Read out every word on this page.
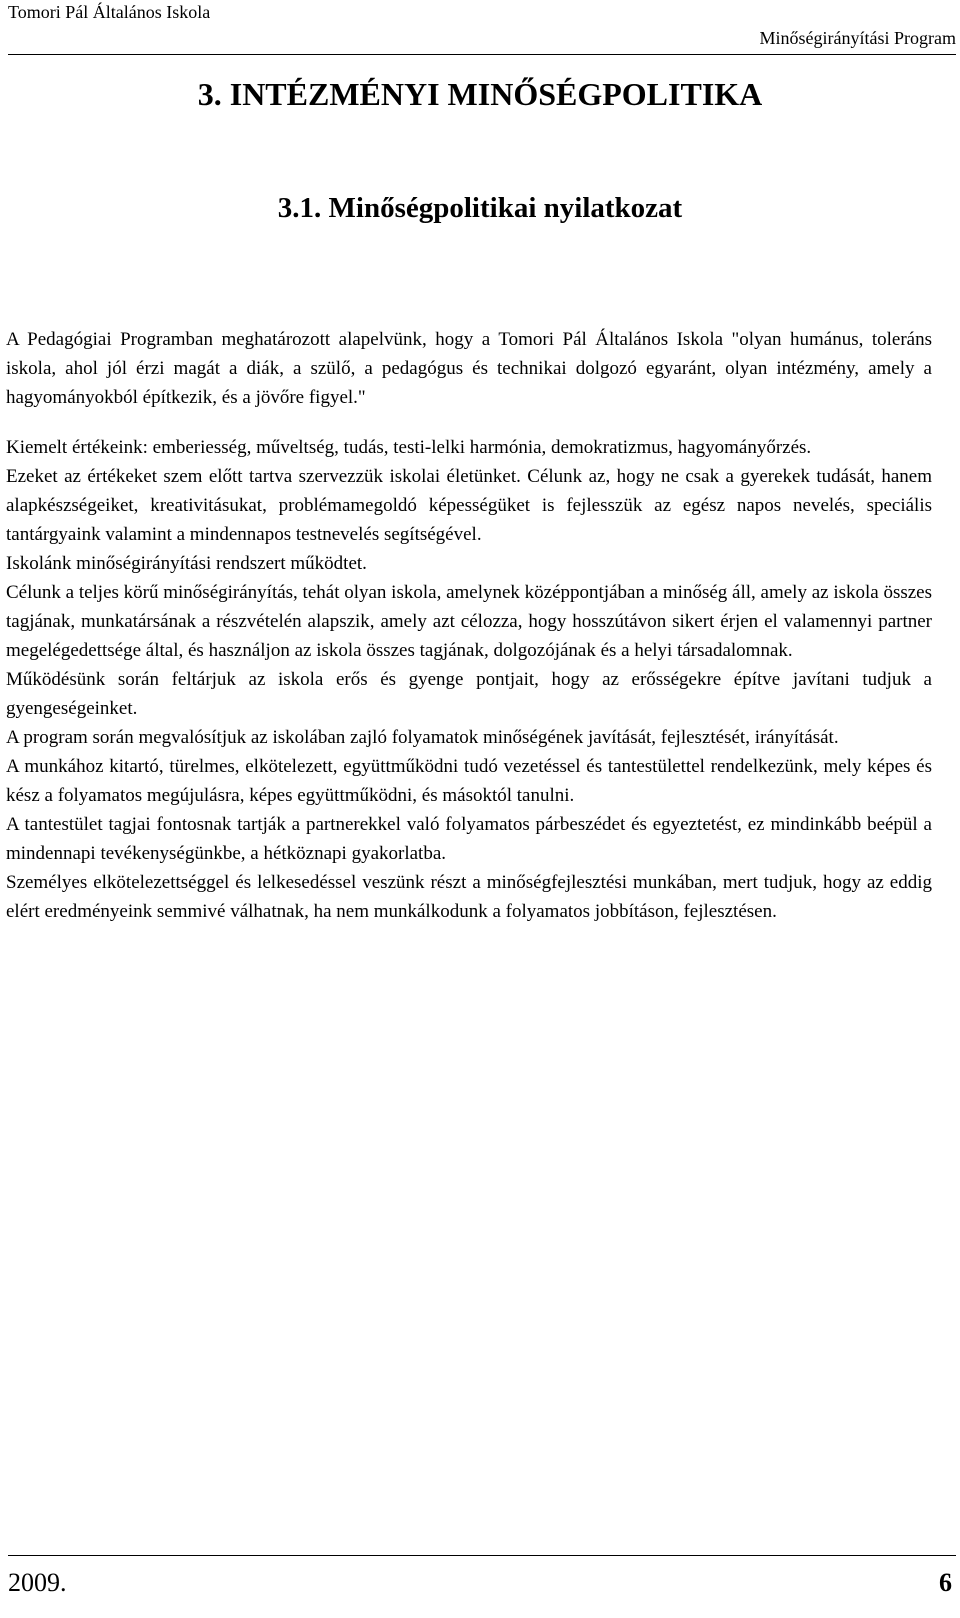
Tomori Pál Általános Iskola
Minőségirányítási Program
3. INTÉZMÉNYI MINŐSÉGPOLITIKA
3.1. Minőségpolitikai nyilatkozat

A Pedagógiai Programban meghatározott alapelvünk, hogy a Tomori Pál Általános Iskola "olyan humánus, toleráns iskola, ahol jól érzi magát a diák, a szülő, a pedagógus és technikai dolgozó egyaránt, olyan intézmény, amely a hagyományokból építkezik, és a jövőre figyel."

Kiemelt értékeink: emberiesség, műveltség, tudás, testi-lelki harmónia, demokratizmus, hagyományőrzés.

Ezeket az értékeket szem előtt tartva szervezzük iskolai életünket. Célunk az, hogy ne csak a gyerekek tudását, hanem alapkészségeiket, kreativitásukat, problémamegoldó képességüket is fejlesszük az egész napos nevelés, speciális tantárgyaink valamint a mindennapos testnevelés segítségével.

Iskolánk minőségirányítási rendszert működtet.

Célunk a teljes körű minőségirányítás, tehát olyan iskola, amelynek középpontjában a minőség áll, amely az iskola összes tagjának, munkatársának a részvételén alapszik, amely azt célozza, hogy hosszútávon sikert érjen el valamennyi partner megelégedettsége által, és használjon az iskola összes tagjának, dolgozójának és a helyi társadalomnak.

Működésünk során feltárjuk az iskola erős és gyenge pontjait, hogy az erősségekre építve javítani tudjuk a gyengeségeinket.

A program során megvalósítjuk az iskolában zajló folyamatok minőségének javítását, fejlesztését, irányítását.

A munkához kitartó, türelmes, elkötelezett, együttműködni tudó vezetéssel és tantestülettel rendelkezünk, mely képes és kész a folyamatos megújulásra, képes együttműködni, és másoktól tanulni.

A tantestület tagjai fontosnak tartják a partnerekkel való folyamatos párbeszédet és egyeztetést, ez mindinkább beépül a mindennapi tevékenységünkbe, a hétköznapi gyakorlatba.

Személyes elkötelezettséggel és lelkesedéssel veszünk részt a minőségfejlesztési munkában, mert tudjuk, hogy az eddig elért eredményeink semmivé válhatnak, ha nem munkálkodunk a folyamatos jobbításon, fejlesztésen.

2009.	6
